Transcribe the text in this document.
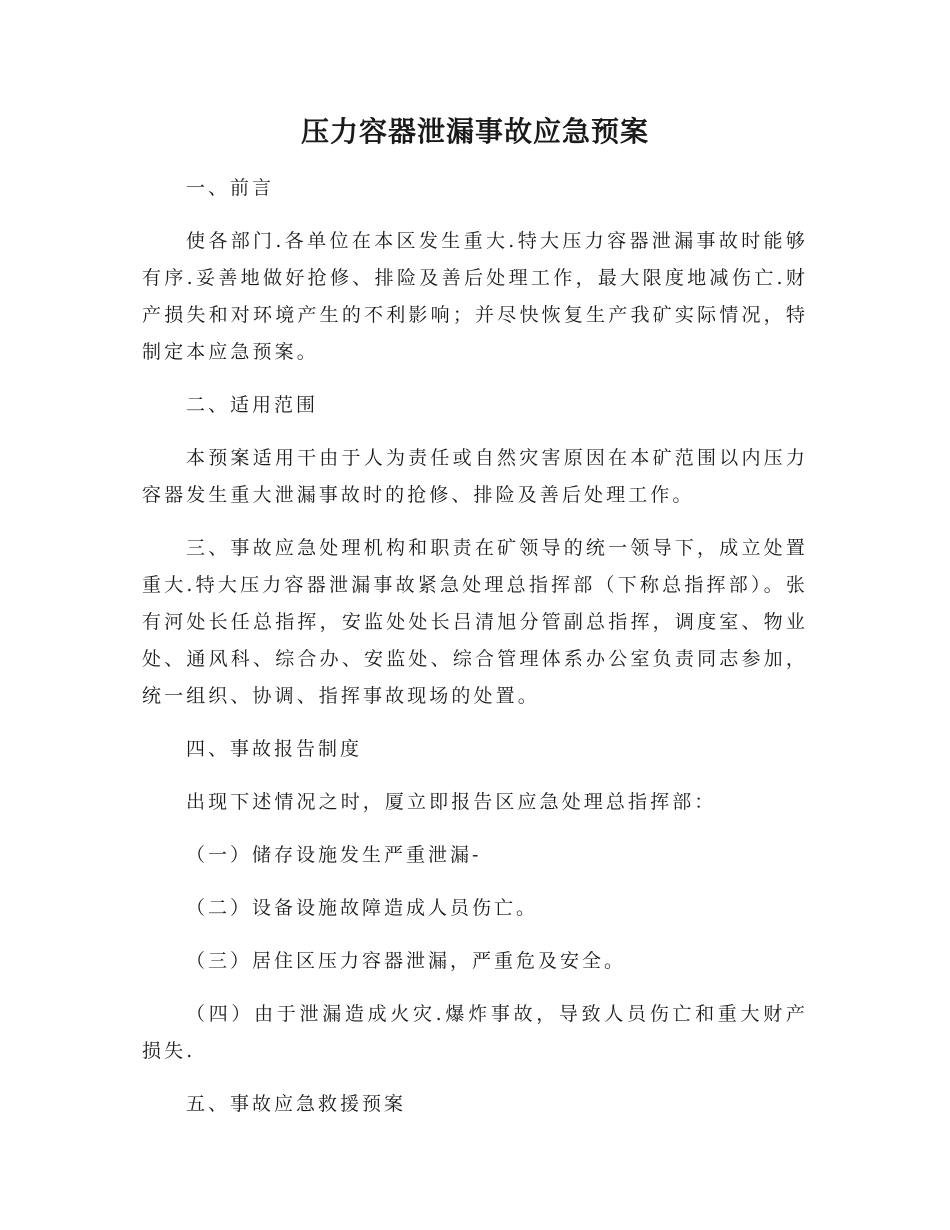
压力容器泄漏事故应急预案

一、前言

使各部门.各单位在本区发生重大.特大压力容器泄漏事故时能够有序.妥善地做好抢修、排险及善后处理工作，最大限度地减伤亡.财产损失和对环境产生的不利影响；并尽快恢复生产我矿实际情况，特制定本应急预案。

二、适用范围

本预案适用干由于人为责任或自然灾害原因在本矿范围以内压力容器发生重大泄漏事故时的抢修、排险及善后处理工作。

三、事故应急处理机构和职责在矿领导的统一领导下，成立处置重大.特大压力容器泄漏事故紧急处理总指挥部（下称总指挥部）。张有河处长任总指挥，安监处处长吕清旭分管副总指挥，调度室、物业处、通风科、综合办、安监处、综合管理体系办公室负责同志参加，统一组织、协调、指挥事故现场的处置。

四、事故报告制度

出现下述情况之时，厦立即报告区应急处理总指挥部：

（一）储存设施发生严重泄漏-

（二）设备设施故障造成人员伤亡。

（三）居住区压力容器泄漏，严重危及安全。

（四）由于泄漏造成火灾.爆炸事故，导致人员伤亡和重大财产损失.

五、事故应急救援预案
